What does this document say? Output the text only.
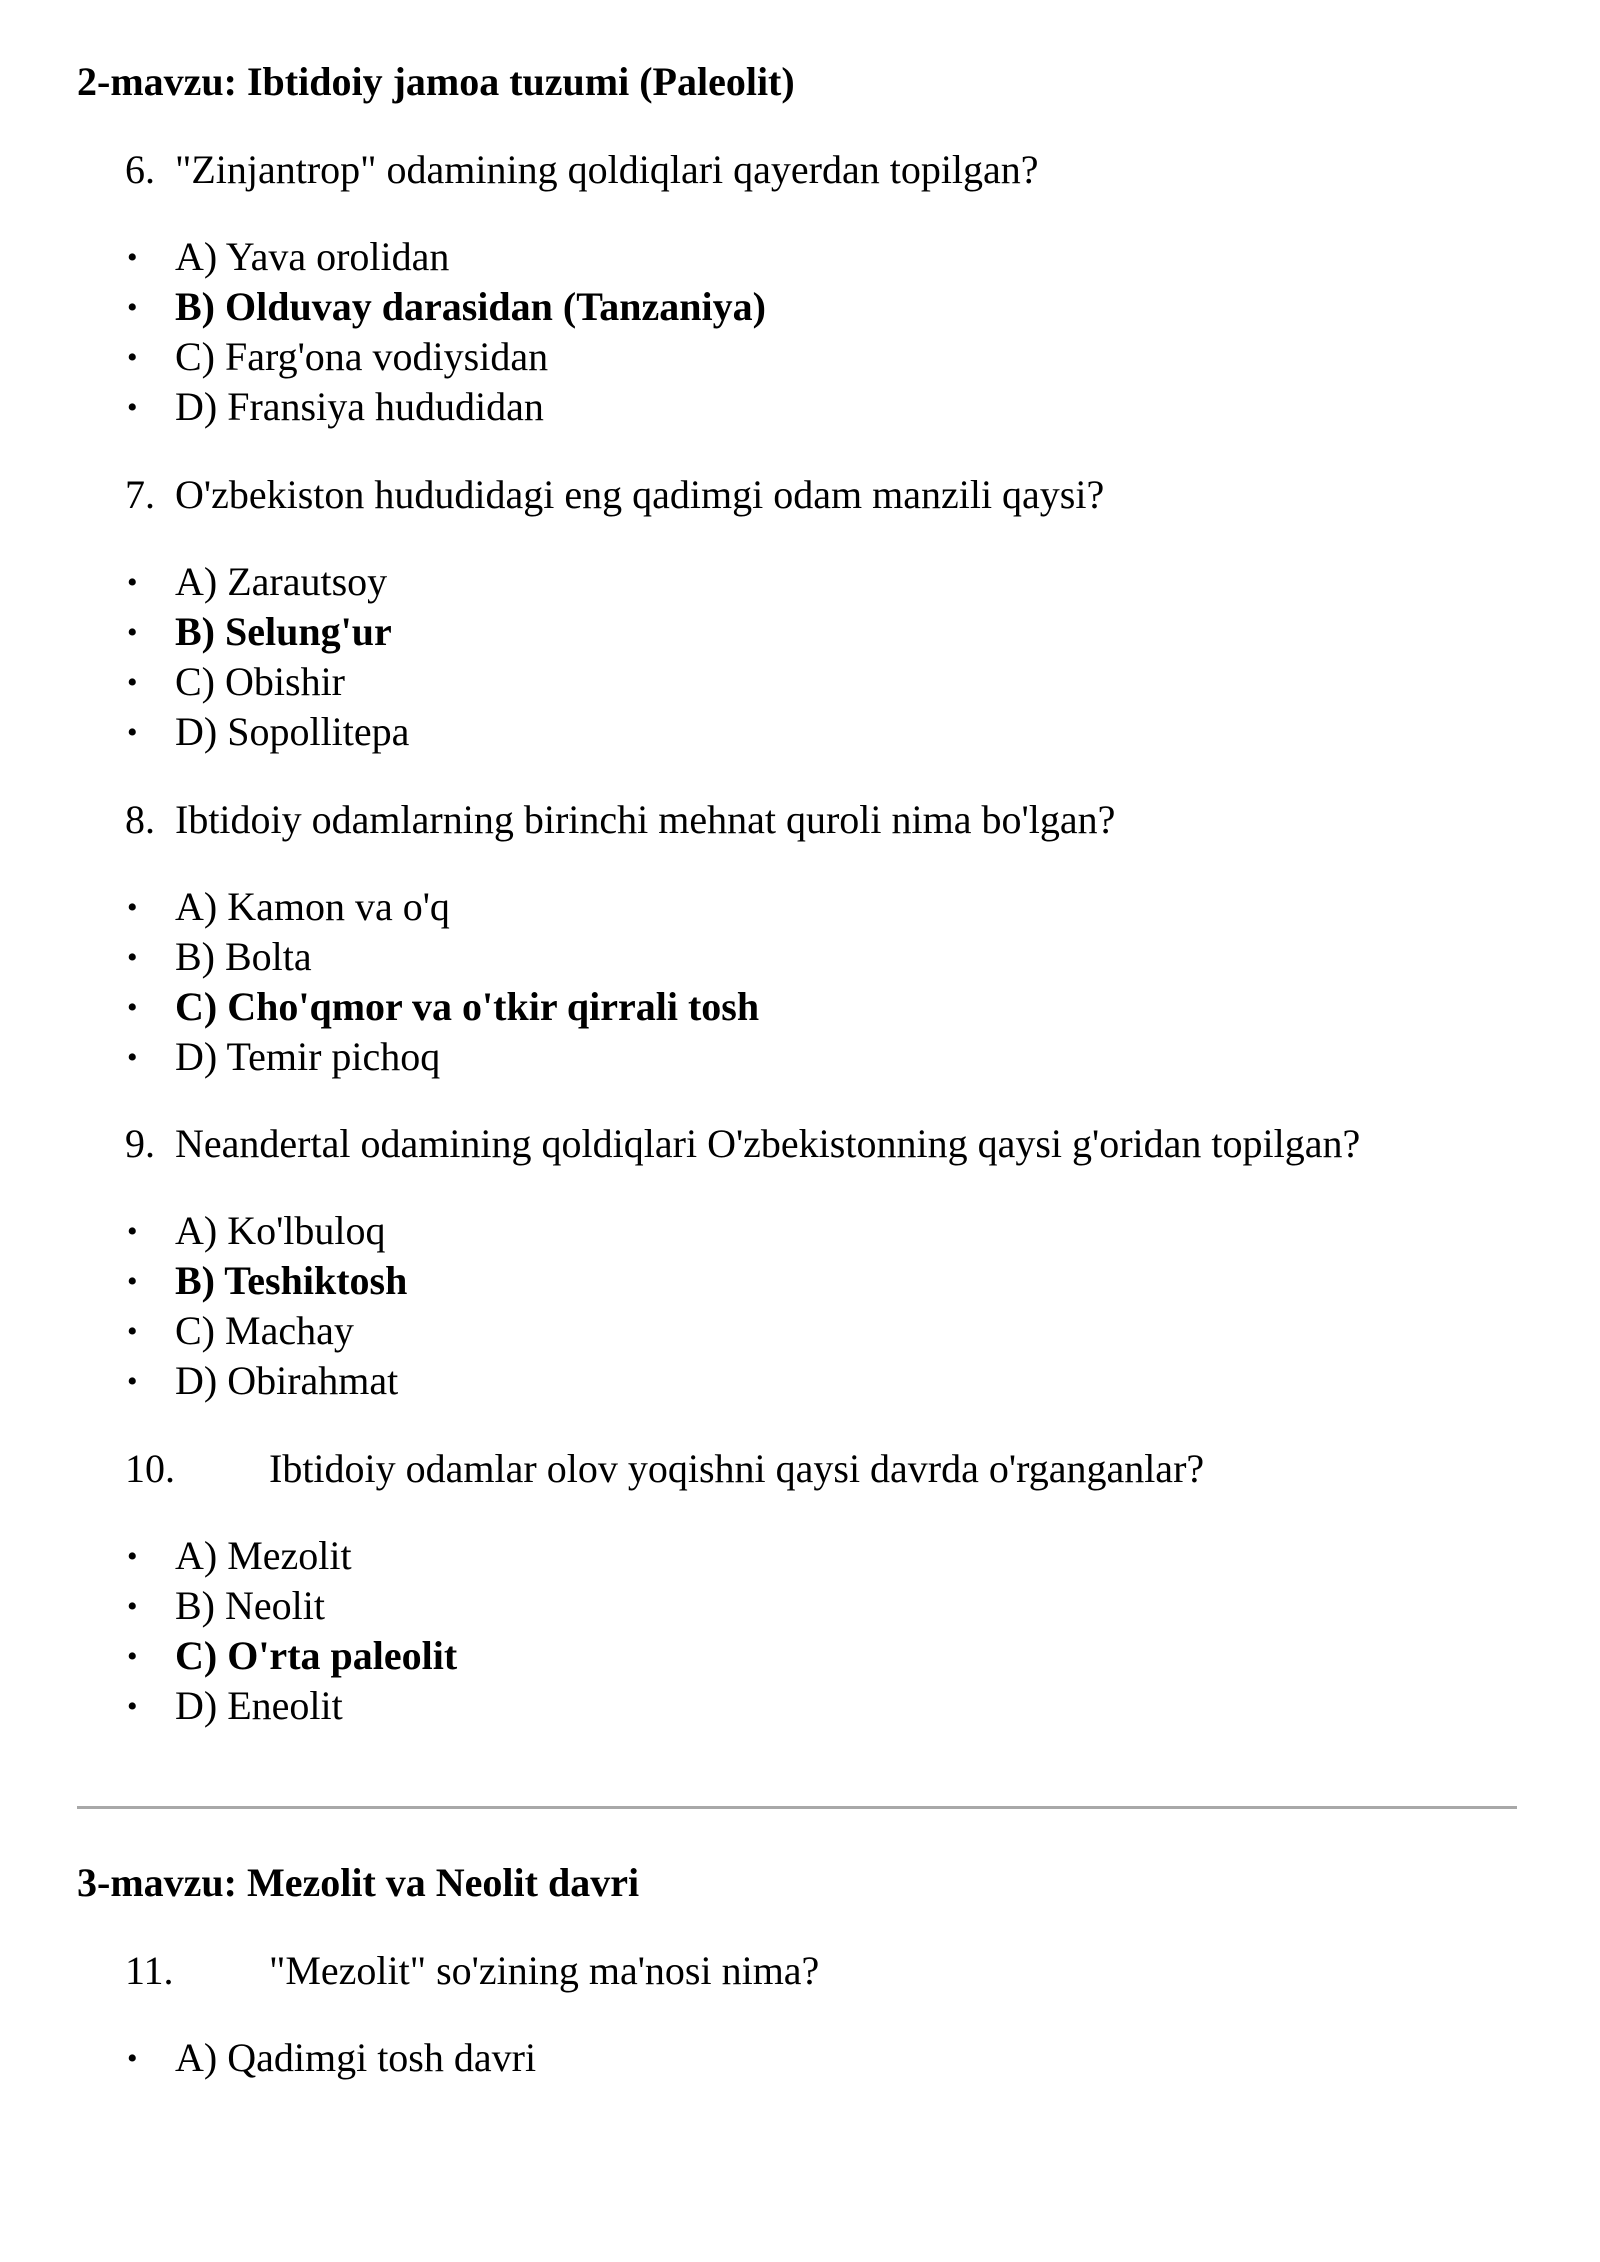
2-mavzu: Ibtidoiy jamoa tuzumi (Paleolit)
6. "Zinjantrop" odamining qoldiqlari qayerdan topilgan?
• A) Yava orolidan
• B) Olduvay darasidan (Tanzaniya)
• C) Farg'ona vodiysidan
• D) Fransiya hududidan
7. O'zbekiston hududidagi eng qadimgi odam manzili qaysi?
• A) Zarautsoy
• B) Selung'ur
• C) Obishir
• D) Sopollitepa
8. Ibtidoiy odamlarning birinchi mehnat quroli nima bo'lgan?
• A) Kamon va o'q
• B) Bolta
• C) Cho'qmor va o'tkir qirrali tosh
• D) Temir pichoq
9. Neandertal odamining qoldiqlari O'zbekistonning qaysi g'oridan topilgan?
• A) Ko'lbuloq
• B) Teshiktosh
• C) Machay
• D) Obirahmat
10. Ibtidoiy odamlar olov yoqishni qaysi davrda o'rganganlar?
• A) Mezolit
• B) Neolit
• C) O'rta paleolit
• D) Eneolit
3-mavzu: Mezolit va Neolit davri
11. "Mezolit" so'zining ma'nosi nima?
• A) Qadimgi tosh davri
